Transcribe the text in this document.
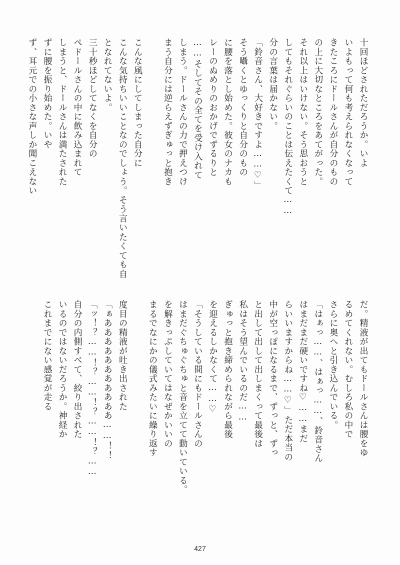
十回ほどされただろうか。いよ
いよもって何も考えられなくなって
きたころにドールさんが自分のもの
の上に大切なところをあてがった。
それ以上はいけない。そう思おうと
してもそれぐらいのことは伝えたくて……
分の言葉は届かない。
「鈴音さん、大好きですよ……♡」
そう囁くとゆっくりと自分のもの
に腰を落とし始めた。彼女のナカも
レーのぬめりのおかげでずるりと
……そしてその全てを受け入れて
しまう。ドールさんの力で押えつけ
まう自分には逆らえずぎゅっと抱き
こんな風にしてしまった自分に
こんな気持ちいいことなのでしょう。そう言いたくても自
となれてないよ。
三十秒ほどしてなくを自分の
ぺドールさんの中に飲み込まれて
しまうと、ドールさんは満たされた
ずに腰を振り始めた。いや
ず、耳元での小さな声しか聞こえない
だ。精液が出てもドールさんは腰をゆ
るめてくれない。むしろ私の中で
さらに奥へと引き込んでいる。
「はぁっ……、はぁっ……、鈴音さん
はまだまだ硬いですね♡……まだ
らいいますからね……♡」ただ本当の
中が空っぽになるまで、ずっと、ずっ
と出して出して出しまくって最後は
私はそう望んでいるのだ……
ぎゅっと抱き締められながら最後
を迎えるしかなくて……♡
「そうしている間にもドールさんの
はまだぐちゅぐちゅと音を立てて動いている。
を解きっぷしていてはなぜかいいの
まるでなにかの儀式みたいに繰り返す
度目の精液が吐き出された
「ぁあああああああああああ……！！
「ッ！？……！？……！？……！？……
自分の内側すべて、絞り出された
いるのではないだろうか。神経か
これまでにない感覚が走る
427
